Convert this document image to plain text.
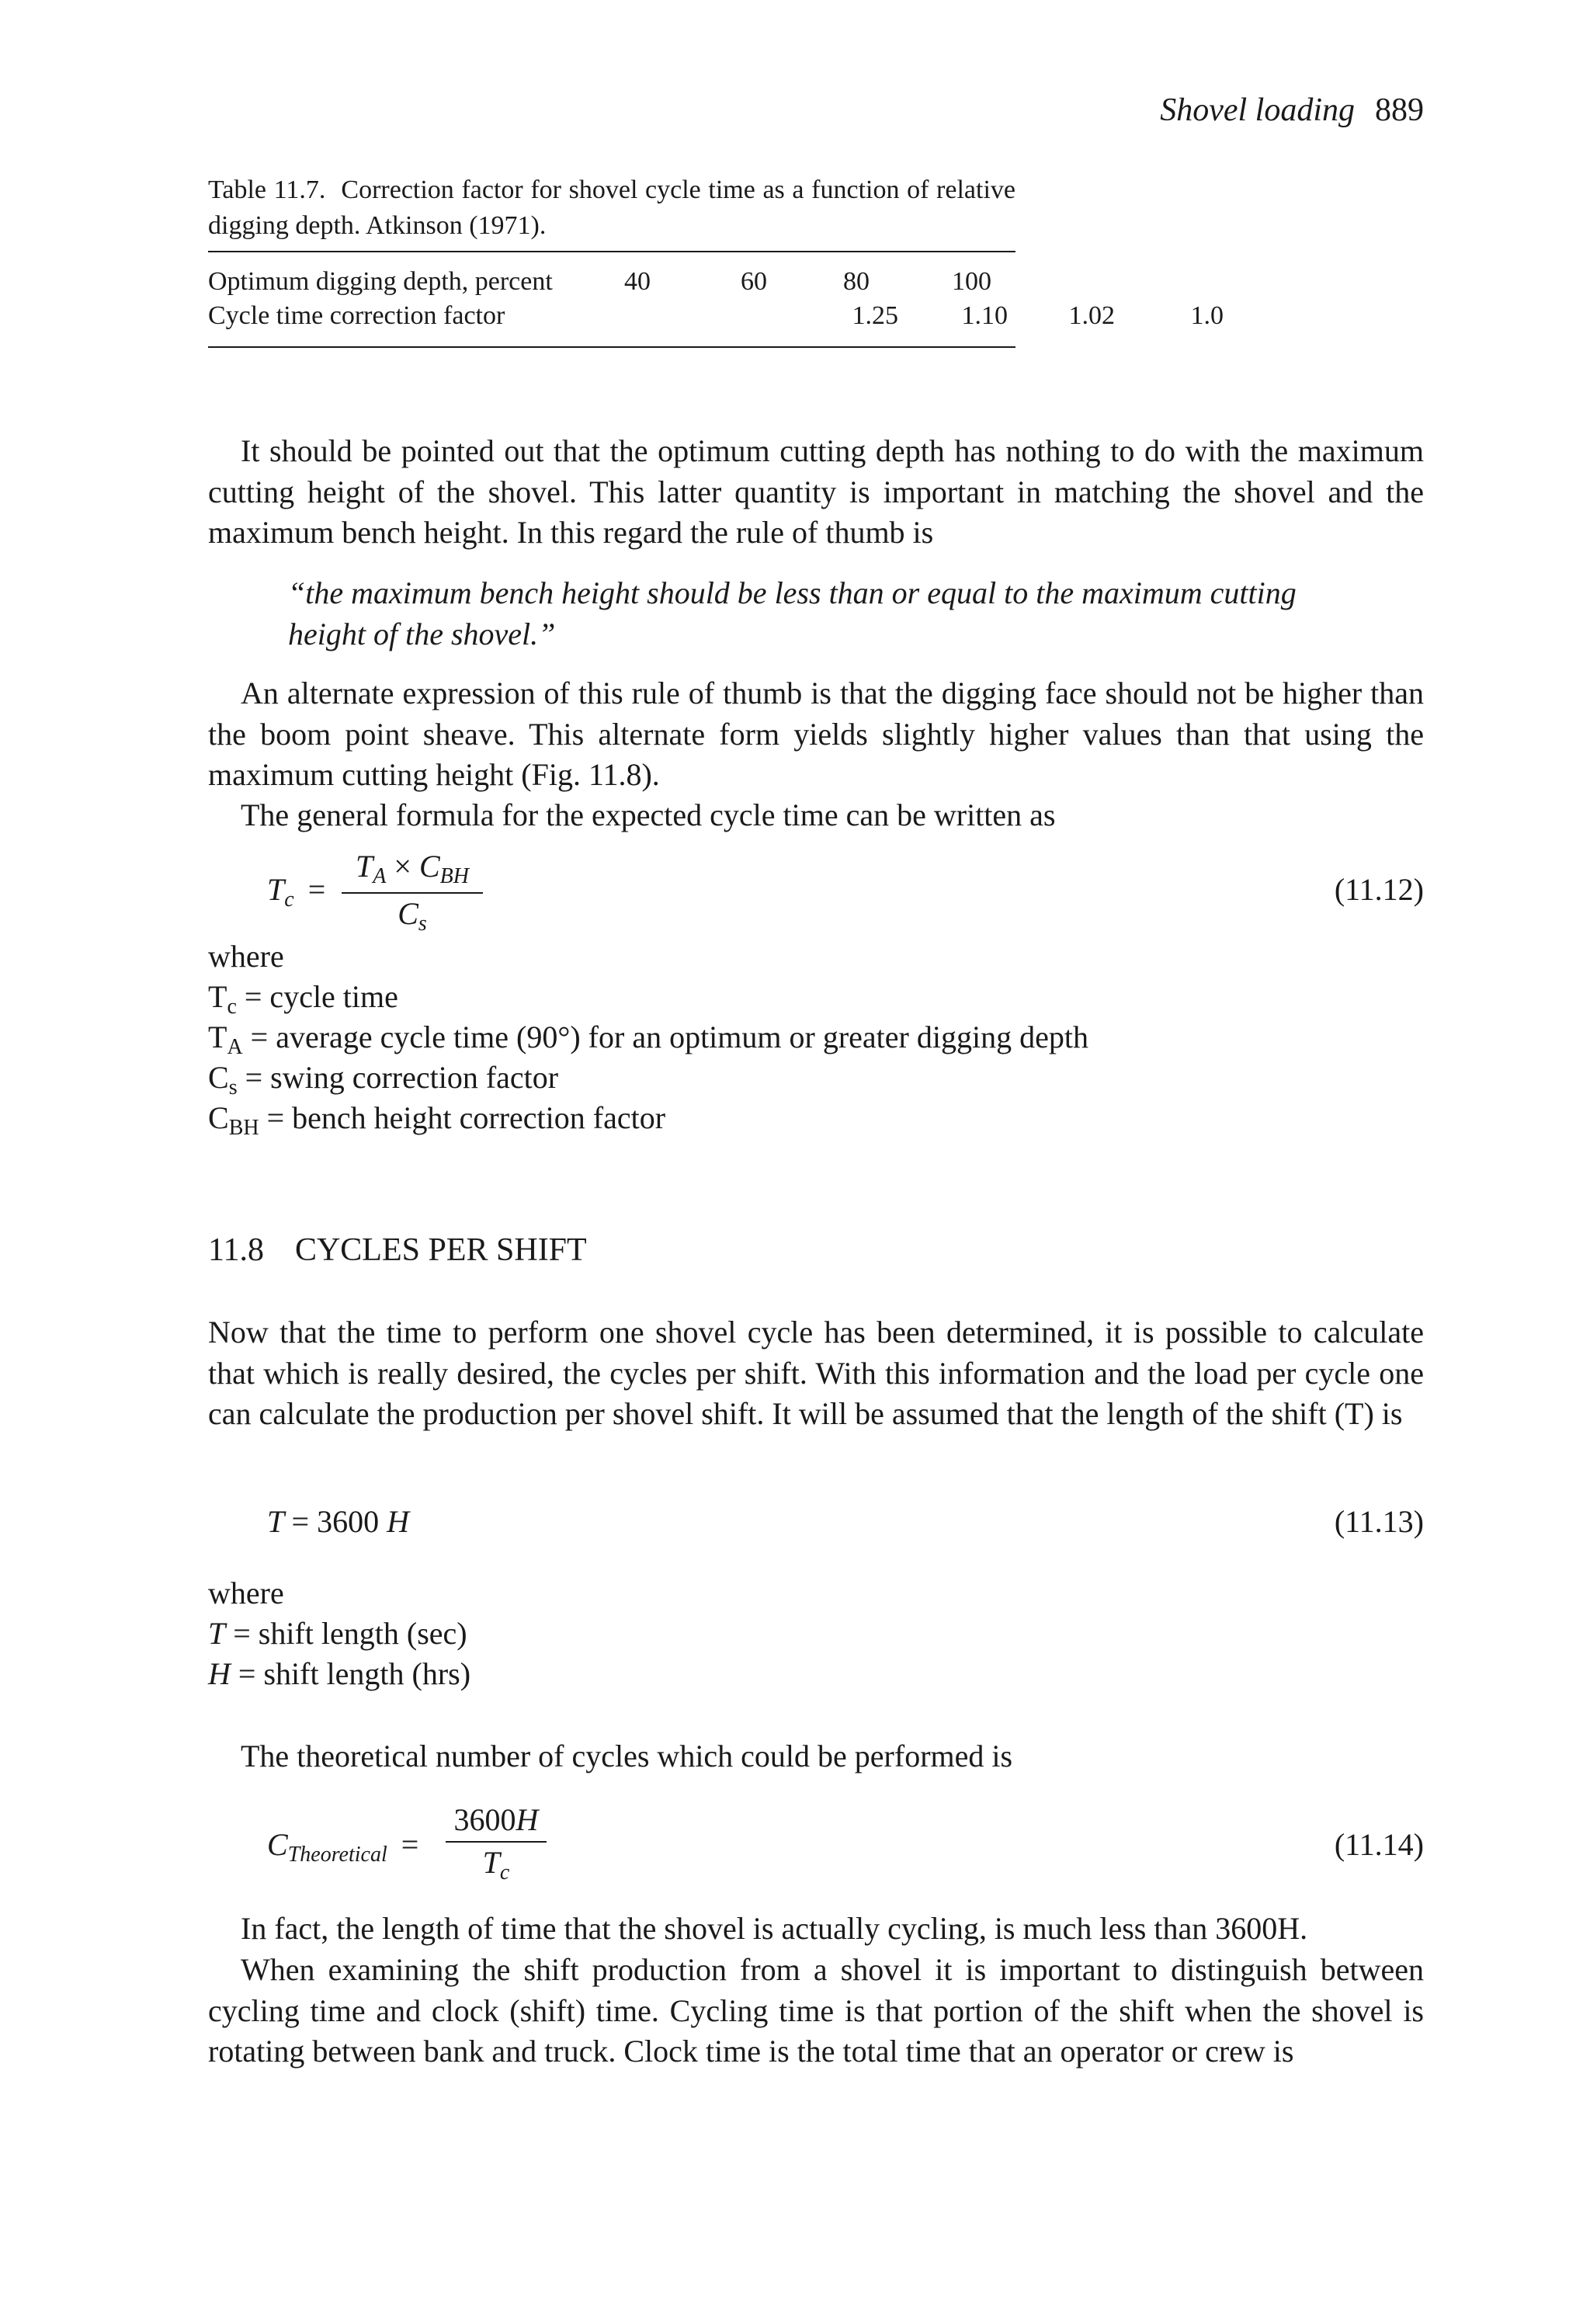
Shovel loading 889
Table 11.7. Correction factor for shovel cycle time as a function of relative digging depth. Atkinson (1971).
Optimum digging depth, percent	40	60	80	100
Cycle time correction factor	1.25	1.10	1.02	1.0

It should be pointed out that the optimum cutting depth has nothing to do with the maximum cutting height of the shovel. This latter quantity is important in matching the shovel and the maximum bench height. In this regard the rule of thumb is

“the maximum bench height should be less than or equal to the maximum cutting height of the shovel.”

An alternate expression of this rule of thumb is that the digging face should not be higher than the boom point sheave. This alternate form yields slightly higher values than that using the maximum cutting height (Fig. 11.8).

The general formula for the expected cycle time can be written as

$T_c$ =
$T_A \times C_{BH}$
$C_s$
(11.12)
where
$T_c$ = cycle time
$T_A$ = average cycle time (90°) for an optimum or greater digging depth
$C_s$ = swing correction factor
$C_{BH}$ = bench height correction factor
11.8 CYCLES PER SHIFT

Now that the time to perform one shovel cycle has been determined, it is possible to calculate that which is really desired, the cycles per shift. With this information and the load per cycle one can calculate the production per shovel shift. It will be assumed that the length of the shift (T) is

T = 3600 H	(11.13)
where
T = shift length (sec)
H = shift length (hrs)

The theoretical number of cycles which could be performed is

$C_{Theoretical}$ =
3600H
$T_c$
(11.14)

In fact, the length of time that the shovel is actually cycling, is much less than 3600H.

When examining the shift production from a shovel it is important to distinguish between cycling time and clock (shift) time. Cycling time is that portion of the shift when the shovel is rotating between bank and truck. Clock time is the total time that an operator or crew is
